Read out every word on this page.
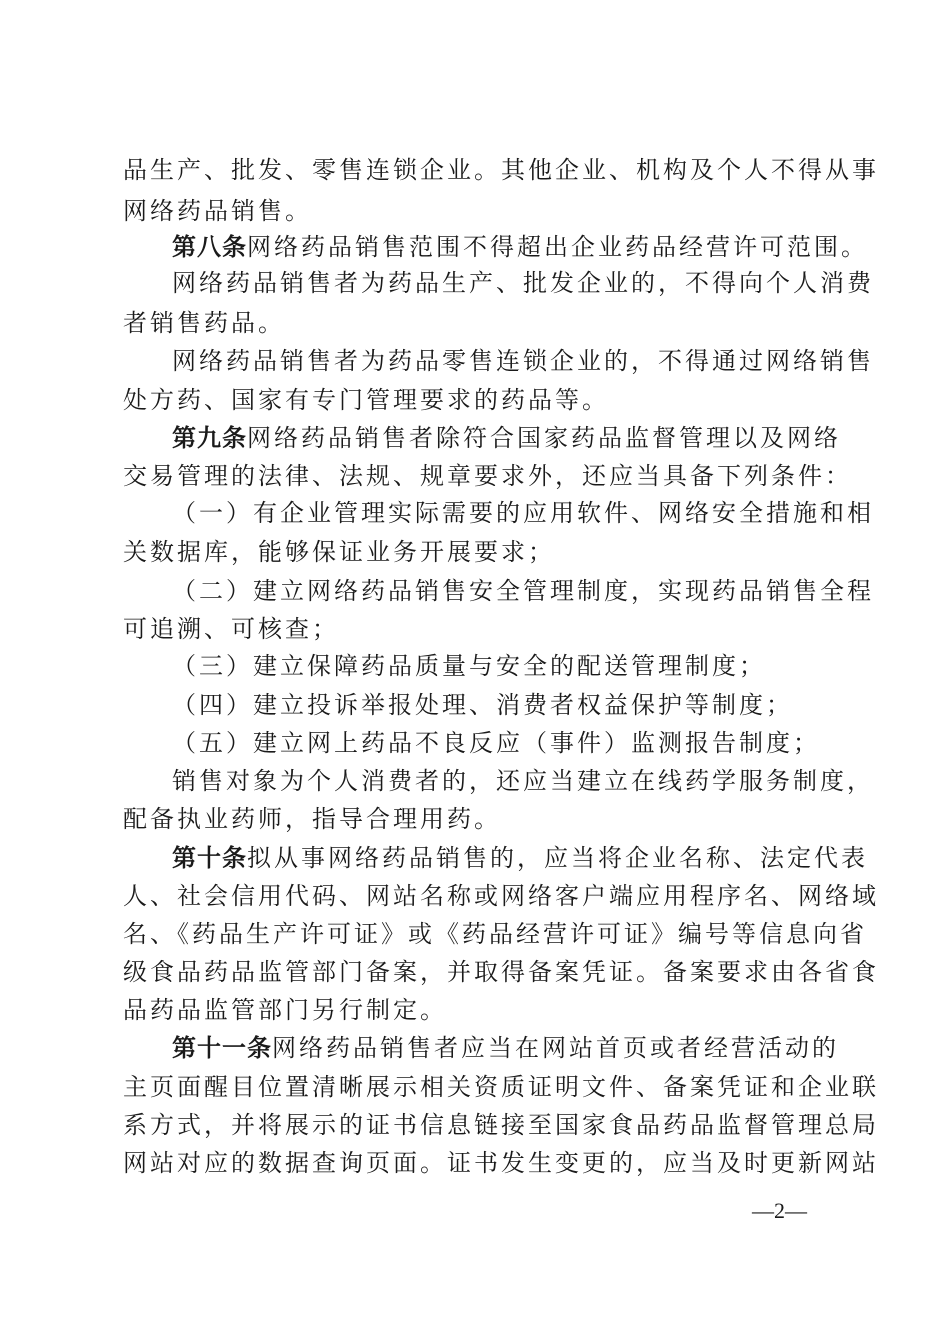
品生产、批发、零售连锁企业。其他企业、机构及个人不得从事
网络药品销售。
第八条网络药品销售范围不得超出企业药品经营许可范围。
网络药品销售者为药品生产、批发企业的，不得向个人消费
者销售药品。
网络药品销售者为药品零售连锁企业的，不得通过网络销售
处方药、国家有专门管理要求的药品等。
第九条网络药品销售者除符合国家药品监督管理以及网络
交易管理的法律、法规、规章要求外，还应当具备下列条件：
（一）有企业管理实际需要的应用软件、网络安全措施和相
关数据库，能够保证业务开展要求；
（二）建立网络药品销售安全管理制度，实现药品销售全程
可追溯、可核查；
（三）建立保障药品质量与安全的配送管理制度；
（四）建立投诉举报处理、消费者权益保护等制度；
（五）建立网上药品不良反应（事件）监测报告制度；
销售对象为个人消费者的，还应当建立在线药学服务制度，
配备执业药师，指导合理用药。
第十条拟从事网络药品销售的，应当将企业名称、法定代表
人、社会信用代码、网站名称或网络客户端应用程序名、网络域
名、《药品生产许可证》或《药品经营许可证》编号等信息向省
级食品药品监管部门备案，并取得备案凭证。备案要求由各省食
品药品监管部门另行制定。
第十一条网络药品销售者应当在网站首页或者经营活动的
主页面醒目位置清晰展示相关资质证明文件、备案凭证和企业联
系方式，并将展示的证书信息链接至国家食品药品监督管理总局
网站对应的数据查询页面。证书发生变更的，应当及时更新网站
—2—
